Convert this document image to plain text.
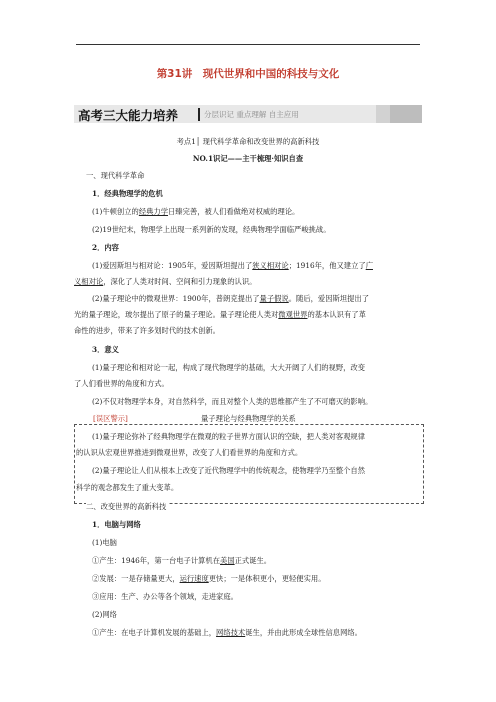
第31讲　现代世界和中国的科技与文化
高考三大能力培养	分层识记 重点理解 自主应用
考点1│ 现代科学革命和改变世界的高新科技
NO.1识记——主干梳理·知识自查
一、现代科学革命
1．经典物理学的危机
(1)牛顿创立的经典力学日臻完善，被人们看做绝对权威的理论。
(2)19世纪末，物理学上出现一系列新的发现，经典物理学面临严峻挑战。
2．内容
(1)爱因斯坦与相对论：1905年，爱因斯坦提出了狭义相对论；1916年，他又建立了广
义相对论，深化了人类对时间、空间和引力现象的认识。
(2)量子理论中的微观世界：1900年，普朗克提出了量子假说。随后，爱因斯坦提出了
光的量子理论，玻尔提出了原子的量子理论。量子理论使人类对微观世界的基本认识有了革
命性的进步，带来了许多划时代的技术创新。
3．意义
(1)量子理论和相对论一起，构成了现代物理学的基础，大大开阔了人们的视野，改变
了人们看世界的角度和方式。
(2)不仅对物理学本身，对自然科学，而且对整个人类的思维都产生了不可磨灭的影响。
[误区警示]	量子理论与经典物理学的关系
(1)量子理论弥补了经典物理学在微观的粒子世界方面认识的空缺，把人类对客观规律
的认识从宏观世界推进到微观世界，改变了人们看世界的角度和方式。
(2)量子理论让人们从根本上改变了近代物理学中的传统观念，使物理学乃至整个自然
科学的观念都发生了重大变革。
二、改变世界的高新科技
1．电脑与网络
(1)电脑
①产生：1946年，第一台电子计算机在美国正式诞生。
②发展：一是存储量更大，运行速度更快；一是体积更小，更轻便实用。
③应用：生产、办公等各个领域，走进家庭。
(2)网络
①产生：在电子计算机发展的基础上，网络技术诞生，并由此形成全球性信息网络。
